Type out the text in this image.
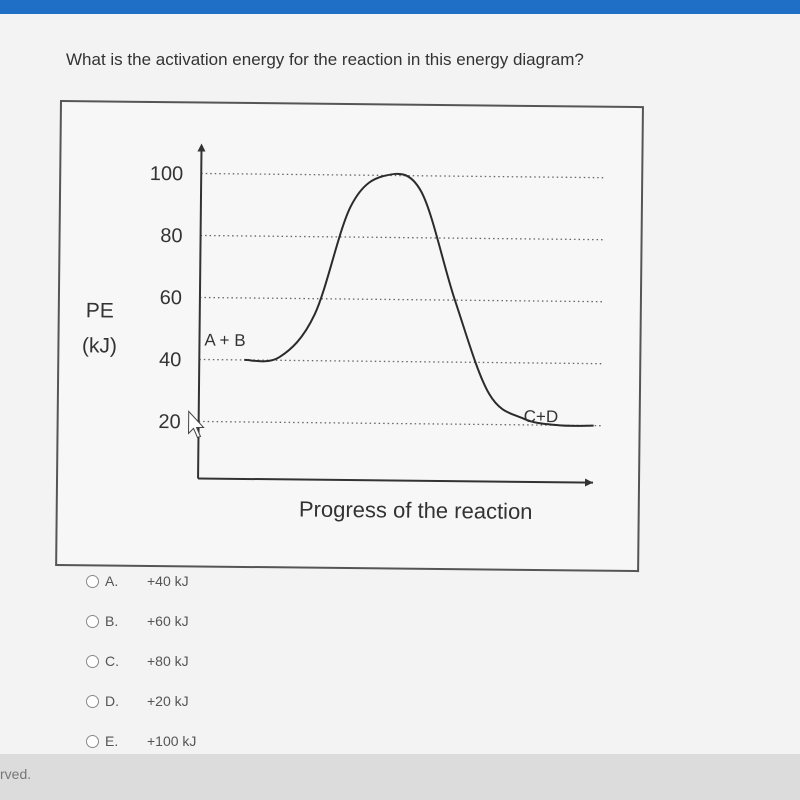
What is the activation energy for the reaction in this energy diagram?
100
80
60
40
20
A + B
C+D
PE
(kJ)
Progress of the reaction
A.	+40 kJ
B.	+60 kJ
C.	+80 kJ
D.	+20 kJ
E.	+100 kJ
rved.
